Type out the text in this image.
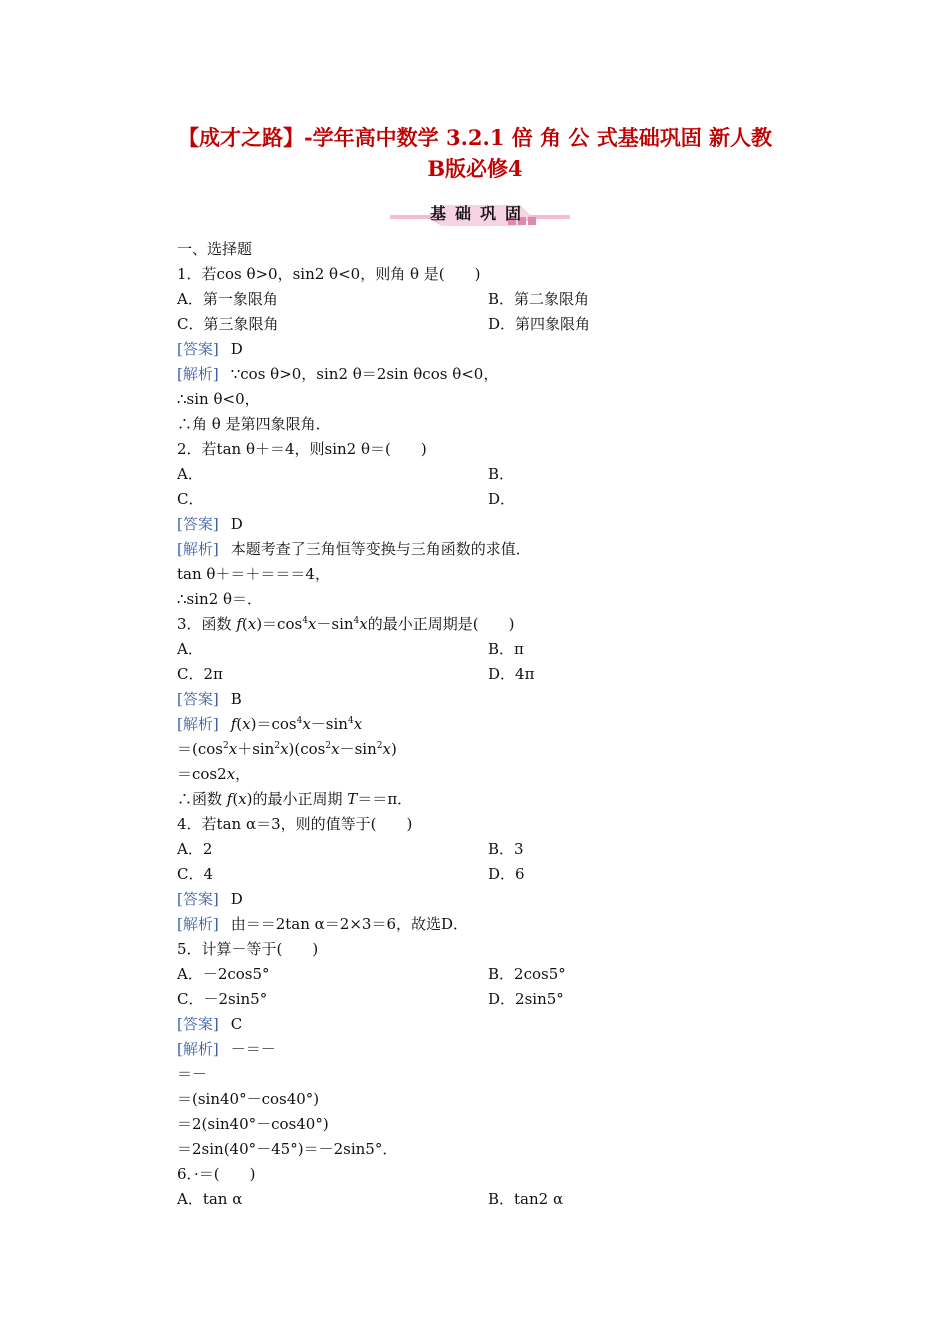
【成才之路】-学年高中数学 3.2.1 倍 角 公 式基础巩固 新人教
B版必修4
基础巩固
一、选择题
1．若cos θ>0，sin2 θ<0，则角 θ 是(　　)
A．第一象限角	B．第二象限角
C．第三象限角	D．第四象限角
[答案] D
[解析] ∵cos θ>0，sin2 θ＝2sin θcos θ<0，
∴sin θ<0，
∴角 θ 是第四象限角．
2．若tan θ＋＝4，则sin2 θ＝(　　)
A．	B．
C．	D．
[答案] D
[解析] 本题考查了三角恒等变换与三角函数的求值．
tan θ＋＝＋＝＝＝4，
∴sin2 θ＝．
3．函数 $f(x)=\cos^4x-\sin^4x$的最小正周期是(　　)
A．	B．π
C．2π	D．4π
[答案] B
[解析] $f(x)=\cos^4x-\sin^4x$
$=(\cos^2x+\sin^2x)(\cos^2x-\sin^2x)$
＝cos2x，
∴函数 f(x)的最小正周期 T＝＝π．
4．若tan α＝3，则的值等于(　　)
A．2	B．3
C．4	D．6
[答案] D
[解析] 由＝＝2tan α＝2×3＝6，故选D．
5．计算－等于(　　)
A．－2cos5°	B．2cos5°
C．－2sin5°	D．2sin5°
[答案] C
[解析] －＝－
＝－
＝(sin40°－cos40°)
＝2(sin40°－cos40°)
＝2sin(40°－45°)＝－2sin5°．
6．·＝(　　)
A．tan α	B．tan2 α
